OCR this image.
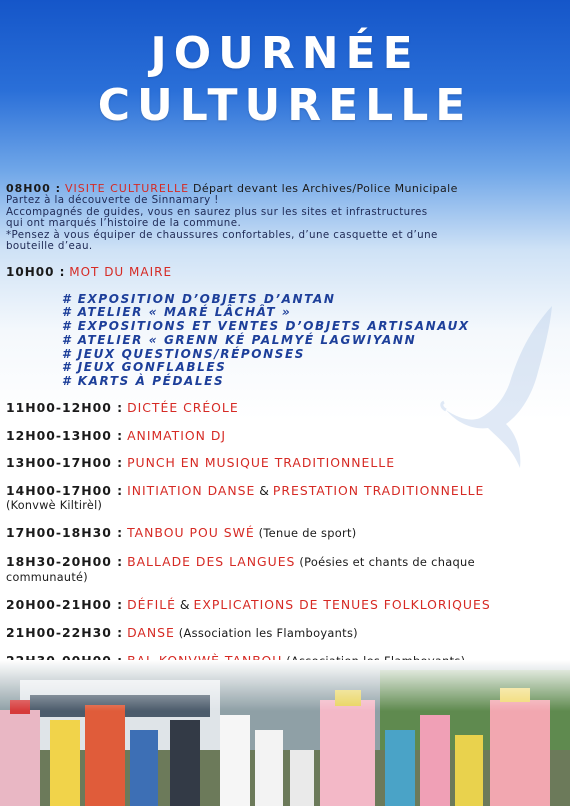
JOURNÉE
CULTURELLE
08H00 : VISITE CULTURELLE Départ devant les Archives/Police Municipale
Partez à la découverte de Sinnamary !
Accompagnés de guides, vous en saurez plus sur les sites et infrastructures
qui ont marqués l’histoire de la commune.
*Pensez à vous équiper de chaussures confortables, d’une casquette et d’une
bouteille d’eau.
10H00 : MOT DU MAIRE
# EXPOSITION D’OBJETS D’ANTAN
# ATELIER « MARÉ LÂCHÂT »
# EXPOSITIONS ET VENTES D’OBJETS ARTISANAUX
# ATELIER « GRENN KÉ PALMYÉ LAGWIYANN
# JEUX QUESTIONS/RÉPONSES
# JEUX GONFLABLES
# KARTS À PÉDALES
11H00-12H00 : DICTÉE CRÉOLE
12H00-13H00 : ANIMATION DJ
13H00-17H00 : PUNCH EN MUSIQUE TRADITIONNELLE
14H00-17H00 : INITIATION DANSE & PRESTATION TRADITIONNELLE
(Konvwè Kiltirèl)
17H00-18H30 : TANBOU POU SWÉ (Tenue de sport)
18H30-20H00 : BALLADE DES LANGUES (Poésies et chants de chaque
communauté)
20H00-21H00 : DÉFILÉ & EXPLICATIONS DE TENUES FOLKLORIQUES
21H00-22H30 : DANSE (Association les Flamboyants)
